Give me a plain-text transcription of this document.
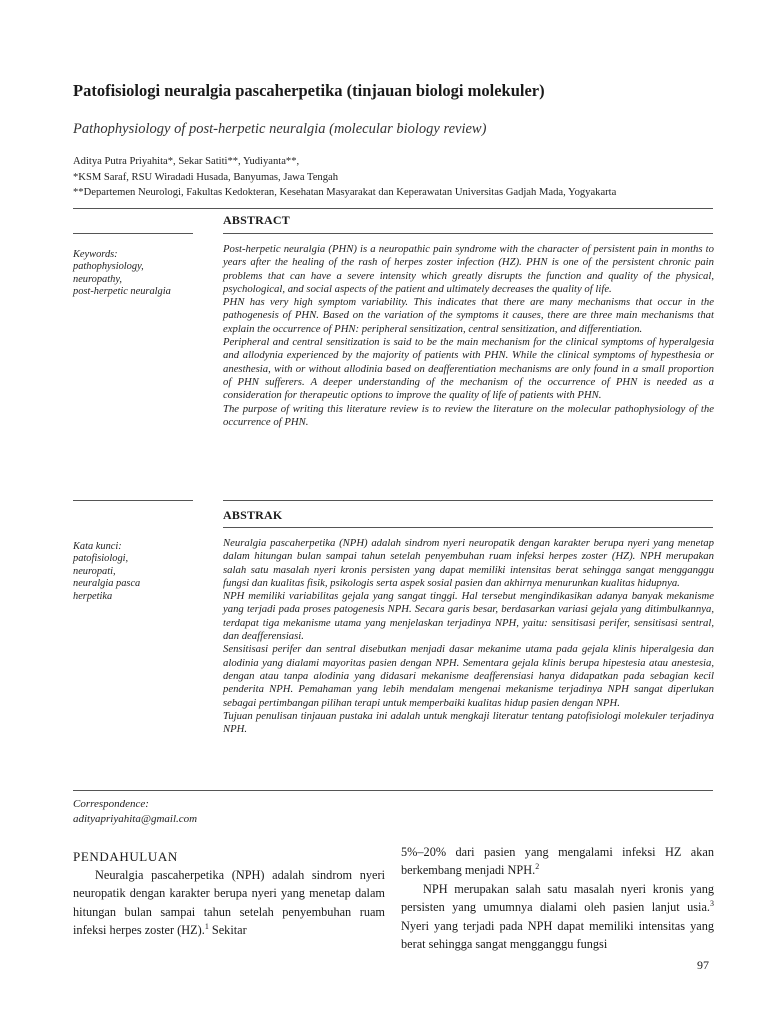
Patofisiologi neuralgia pascaherpetika (tinjauan biologi molekuler)
Pathophysiology of post-herpetic neuralgia (molecular biology review)
Aditya Putra Priyahita*, Sekar Satiti**, Yudiyanta**,
*KSM Saraf, RSU Wiradadi Husada, Banyumas, Jawa Tengah
**Departemen Neurologi, Fakultas Kedokteran, Kesehatan Masyarakat dan Keperawatan Universitas Gadjah Mada, Yogyakarta
ABSTRACT
Keywords:
pathophysiology,
neuropathy,
post-herpetic neuralgia

Post-herpetic neuralgia (PHN) is a neuropathic pain syndrome with the character of persistent pain in months to years after the healing of the rash of herpes zoster infection (HZ). PHN is one of the persistent chronic pain problems that can have a severe intensity which greatly disrupts the function and quality of the physical, psychological, and social aspects of the patient and ultimately decreases the quality of life.

PHN has very high symptom variability. This indicates that there are many mechanisms that occur in the pathogenesis of PHN. Based on the variation of the symptoms it causes, there are three main mechanisms that explain the occurrence of PHN: peripheral sensitization, central sensitization, and differentiation.

Peripheral and central sensitization is said to be the main mechanism for the clinical symptoms of hyperalgesia and allodynia experienced by the majority of patients with PHN. While the clinical symptoms of hypesthesia or anesthesia, with or without allodinia based on deafferentiation mechanisms are only found in a small proportion of PHN sufferers. A deeper understanding of the mechanism of the occurrence of PHN is needed as a consideration for therapeutic options to improve the quality of life of patients with PHN.

The purpose of writing this literature review is to review the literature on the molecular pathophysiology of the occurrence of PHN.

ABSTRAK
Kata kunci:
patofisiologi,
neuropati,
neuralgia pasca
herpetika

Neuralgia pascaherpetika (NPH) adalah sindrom nyeri neuropatik dengan karakter berupa nyeri yang menetap dalam hitungan bulan sampai tahun setelah penyembuhan ruam infeksi herpes zoster (HZ). NPH merupakan salah satu masalah nyeri kronis persisten yang dapat memiliki intensitas berat sehingga sangat mengganggu fungsi dan kualitas fisik, psikologis serta aspek sosial pasien dan akhirnya menurunkan kualitas hidupnya.

NPH memiliki variabilitas gejala yang sangat tinggi. Hal tersebut mengindikasikan adanya banyak mekanisme yang terjadi pada proses patogenesis NPH. Secara garis besar, berdasarkan variasi gejala yang ditimbulkannya, terdapat tiga mekanisme utama yang menjelaskan terjadinya NPH, yaitu: sensitisasi perifer, sensitisasi sentral, dan deafferensiasi.

Sensitisasi perifer dan sentral disebutkan menjadi dasar mekanime utama pada gejala klinis hiperalgesia dan alodinia yang dialami mayoritas pasien dengan NPH. Sementara gejala klinis berupa hipestesia atau anestesia, dengan atau tanpa alodinia yang didasari mekanisme deafferensiasi hanya didapatkan pada sebagian kecil penderita NPH. Pemahaman yang lebih mendalam mengenai mekanisme terjadinya NPH sangat diperlukan sebagai pertimbangan pilihan terapi untuk memperbaiki kualitas hidup pasien dengan NPH.

Tujuan penulisan tinjauan pustaka ini adalah untuk mengkaji literatur tentang patofisiologi molekuler terjadinya NPH.

Correspondence:
adityapriyahita@gmail.com
PENDAHULUAN

Neuralgia pascaherpetika (NPH) adalah sindrom nyeri neuropatik dengan karakter berupa nyeri yang menetap dalam hitungan bulan sampai tahun setelah penyembuhan ruam infeksi herpes zoster (HZ).$^1$ Sekitar

5%–20% dari pasien yang mengalami infeksi HZ akan berkembang menjadi NPH.$^2$

NPH merupakan salah satu masalah nyeri kronis yang persisten yang umumnya dialami oleh pasien lanjut usia.$^3$ Nyeri yang terjadi pada NPH dapat memiliki intensitas yang berat sehingga sangat mengganggu fungsi

97
